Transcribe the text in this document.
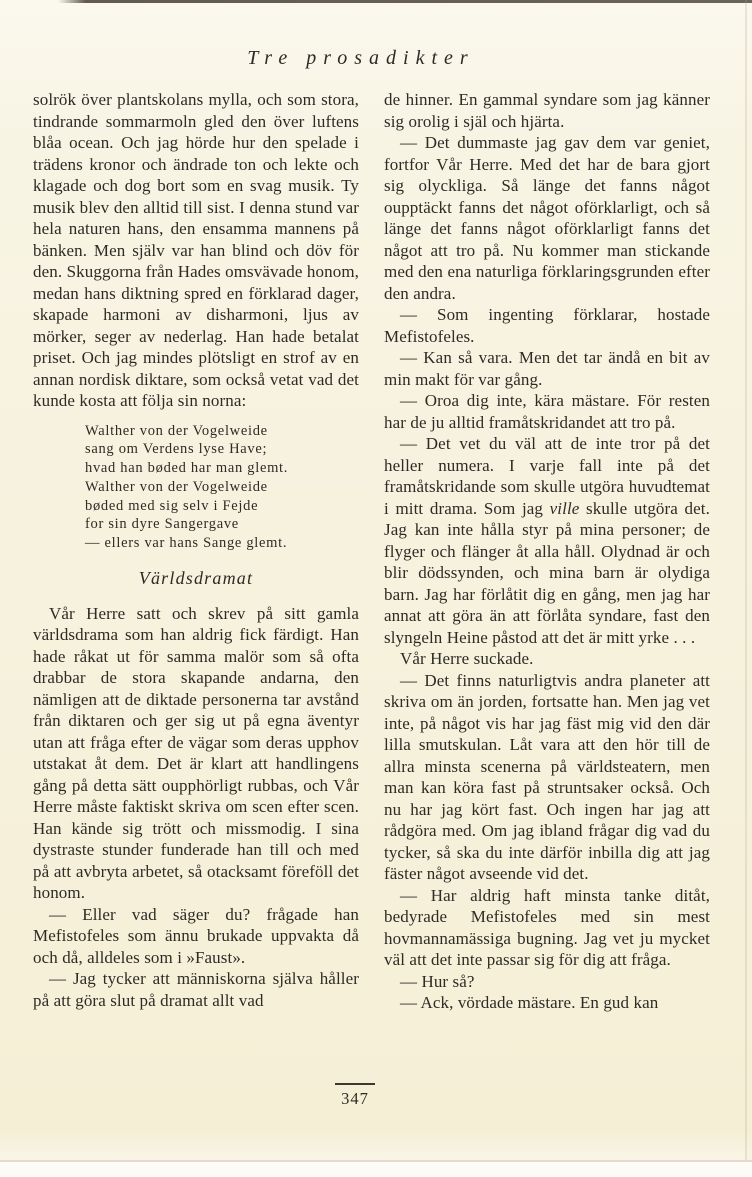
Tre prosadikter

solrök över plantskolans mylla, och som stora, tindrande sommarmoln gled den över luftens blåa ocean. Och jag hörde hur den spelade i trädens kronor och ändrade ton och lekte och klagade och dog bort som en svag musik. Ty musik blev den alltid till sist. I denna stund var hela naturen hans, den ensamma mannens på bänken. Men själv var han blind och döv för den. Skuggorna från Hades omsvävade honom, medan hans diktning spred en förklarad dager, skapade harmoni av disharmoni, ljus av mörker, seger av nederlag. Han hade betalat priset. Och jag mindes plötsligt en strof av en annan nordisk diktare, som också vetat vad det kunde kosta att följa sin norna:

Walther von der Vogelweide
sang om Verdens lyse Have;
hvad han bøded har man glemt.
Walther von der Vogelweide
bøded med sig selv i Fejde
for sin dyre Sangergave
— ellers var hans Sange glemt.
Världsdramat

Vår Herre satt och skrev på sitt gamla världsdrama som han aldrig fick färdigt. Han hade råkat ut för samma malör som så ofta drabbar de stora skapande andarna, den nämligen att de diktade personerna tar avstånd från diktaren och ger sig ut på egna äventyr utan att fråga efter de vägar som deras upphov utstakat åt dem. Det är klart att handlingens gång på detta sätt oupphörligt rubbas, och Vår Herre måste faktiskt skriva om scen efter scen. Han kände sig trött och missmodig. I sina dystraste stunder funderade han till och med på att avbryta arbetet, så otacksamt föreföll det honom.

— Eller vad säger du? frågade han Mefistofeles som ännu brukade uppvakta då och då, alldeles som i »Faust».

— Jag tycker att människorna själva håller på att göra slut på dramat allt vad

de hinner. En gammal syndare som jag känner sig orolig i själ och hjärta.

— Det dummaste jag gav dem var geniet, fortfor Vår Herre. Med det har de bara gjort sig olyckliga. Så länge det fanns något oupptäckt fanns det något oförklarligt, och så länge det fanns något oförklarligt fanns det något att tro på. Nu kommer man stickande med den ena naturliga förklaringsgrunden efter den andra.

— Som ingenting förklarar, hostade Mefistofeles.

— Kan så vara. Men det tar ändå en bit av min makt för var gång.

— Oroa dig inte, kära mästare. För resten har de ju alltid framåtskridandet att tro på.

— Det vet du väl att de inte tror på det heller numera. I varje fall inte på det framåtskridande som skulle utgöra huvudtemat i mitt drama. Som jag ville skulle utgöra det. Jag kan inte hålla styr på mina personer; de flyger och flänger åt alla håll. Olydnad är och blir dödssynden, och mina barn är olydiga barn. Jag har förlåtit dig en gång, men jag har annat att göra än att förlåta syndare, fast den slyngeln Heine påstod att det är mitt yrke . . .

Vår Herre suckade.

— Det finns naturligtvis andra planeter att skriva om än jorden, fortsatte han. Men jag vet inte, på något vis har jag fäst mig vid den där lilla smutskulan. Låt vara att den hör till de allra minsta scenerna på världsteatern, men man kan köra fast på struntsaker också. Och nu har jag kört fast. Och ingen har jag att rådgöra med. Om jag ibland frågar dig vad du tycker, så ska du inte därför inbilla dig att jag fäster något avseende vid det.

— Har aldrig haft minsta tanke ditåt, bedyrade Mefistofeles med sin mest hovmannamässiga bugning. Jag vet ju mycket väl att det inte passar sig för dig att fråga.

— Hur så?

— Ack, vördade mästare. En gud kan

347
